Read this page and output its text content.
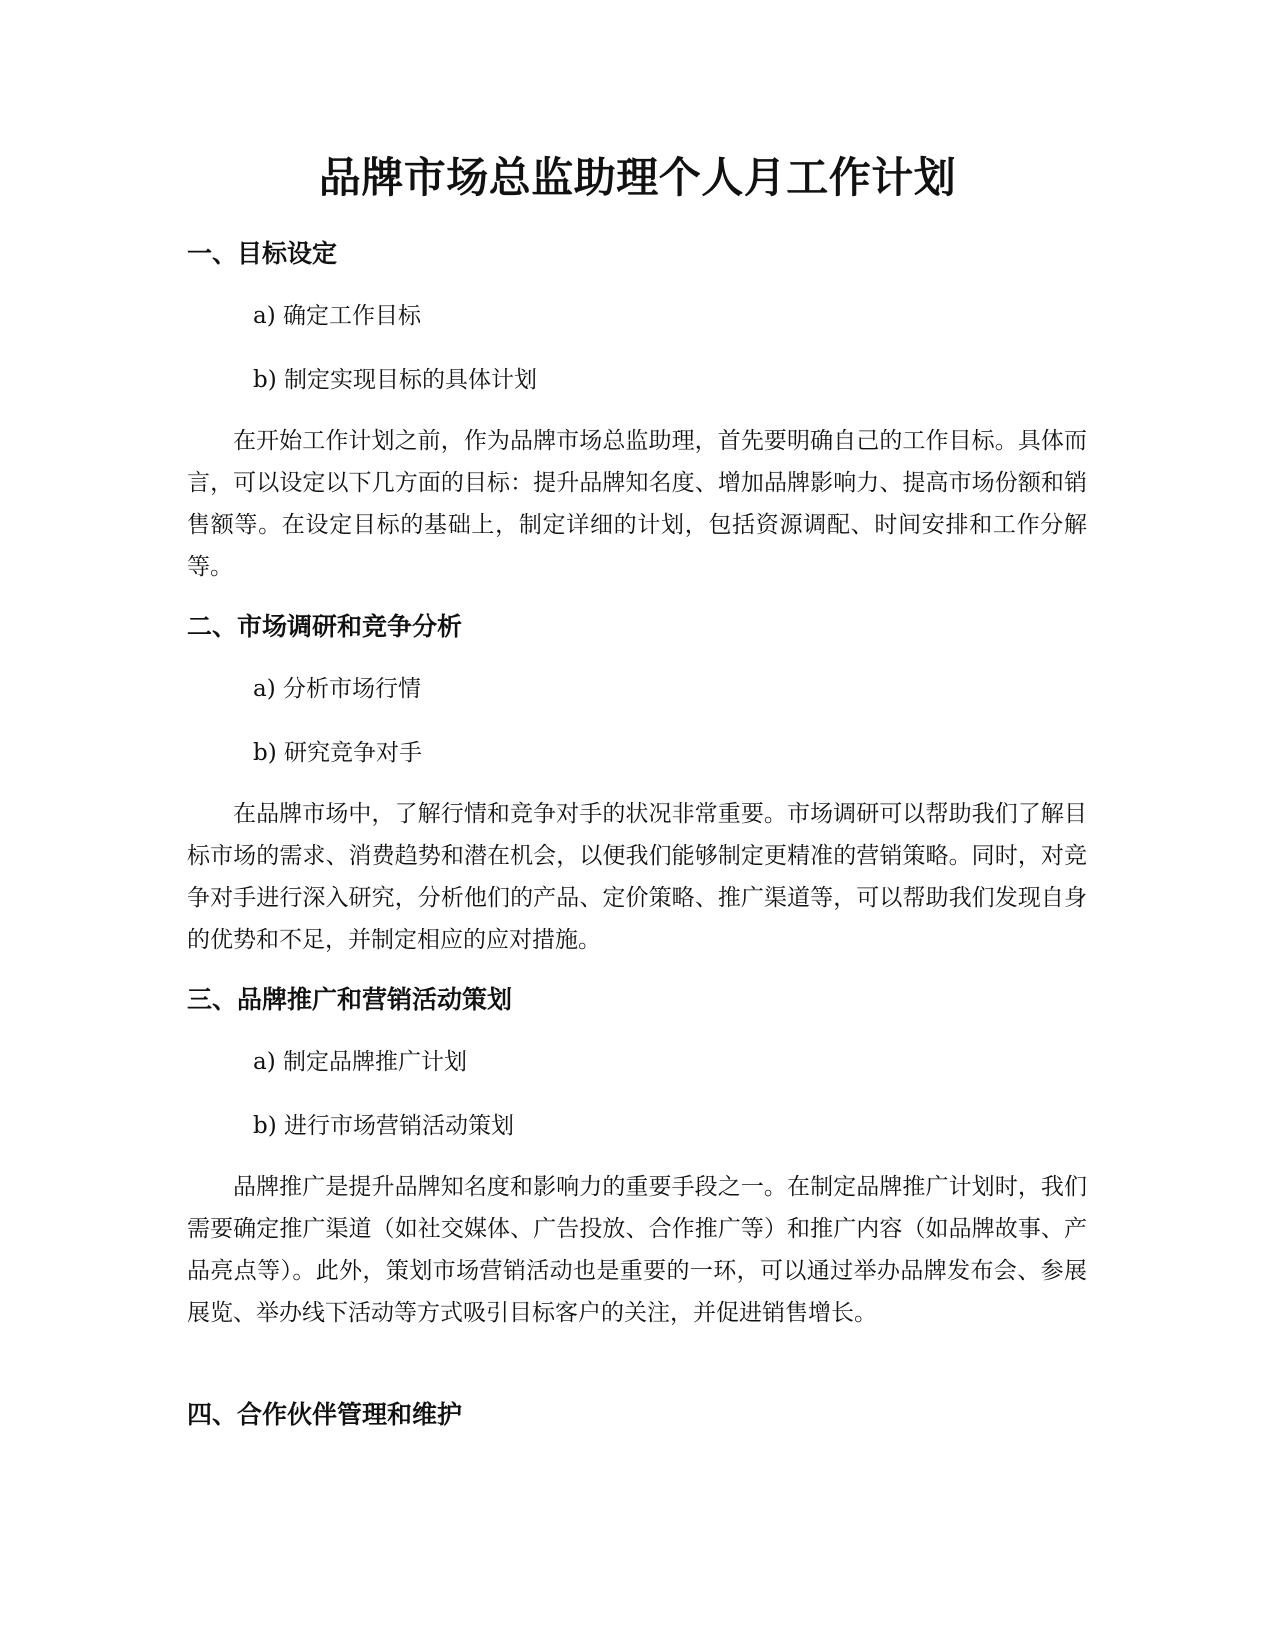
品牌市场总监助理个人月工作计划
一、目标设定

a) 确定工作目标

b) 制定实现目标的具体计划

在开始工作计划之前，作为品牌市场总监助理，首先要明确自己的工作目标。具体而言，可以设定以下几方面的目标：提升品牌知名度、增加品牌影响力、提高市场份额和销售额等。在设定目标的基础上，制定详细的计划，包括资源调配、时间安排和工作分解等。

二、市场调研和竞争分析

a) 分析市场行情

b) 研究竞争对手

在品牌市场中，了解行情和竞争对手的状况非常重要。市场调研可以帮助我们了解目标市场的需求、消费趋势和潜在机会，以便我们能够制定更精准的营销策略。同时，对竞争对手进行深入研究，分析他们的产品、定价策略、推广渠道等，可以帮助我们发现自身的优势和不足，并制定相应的应对措施。

三、品牌推广和营销活动策划

a) 制定品牌推广计划

b) 进行市场营销活动策划

品牌推广是提升品牌知名度和影响力的重要手段之一。在制定品牌推广计划时，我们需要确定推广渠道（如社交媒体、广告投放、合作推广等）和推广内容（如品牌故事、产品亮点等）。此外，策划市场营销活动也是重要的一环，可以通过举办品牌发布会、参展展览、举办线下活动等方式吸引目标客户的关注，并促进销售增长。

四、合作伙伴管理和维护
